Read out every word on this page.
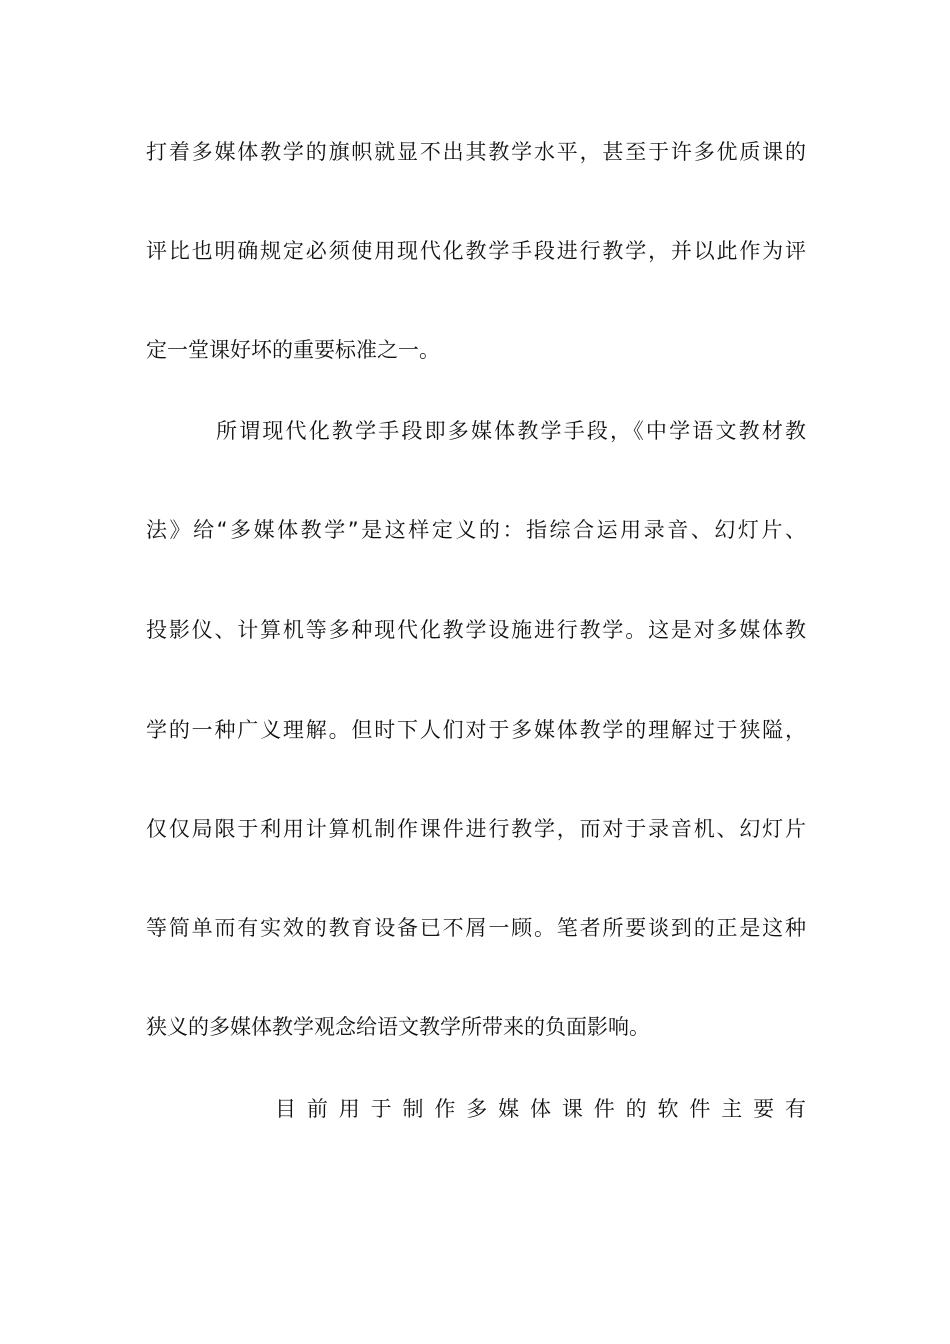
打着多媒体教学的旗帜就显不出其教学水平，甚至于许多优质课的
评比也明确规定必须使用现代化教学手段进行教学，并以此作为评
定一堂课好坏的重要标准之一。
所谓现代化教学手段即多媒体教学手段，《中学语文教材教
法》给“多媒体教学”是这样定义的：指综合运用录音、幻灯片、
投影仪、计算机等多种现代化教学设施进行教学。这是对多媒体教
学的一种广义理解。但时下人们对于多媒体教学的理解过于狭隘，
仅仅局限于利用计算机制作课件进行教学，而对于录音机、幻灯片
等简单而有实效的教育设备已不屑一顾。笔者所要谈到的正是这种
狭义的多媒体教学观念给语文教学所带来的负面影响。
目前用于制作多媒体课件的软件主要有
